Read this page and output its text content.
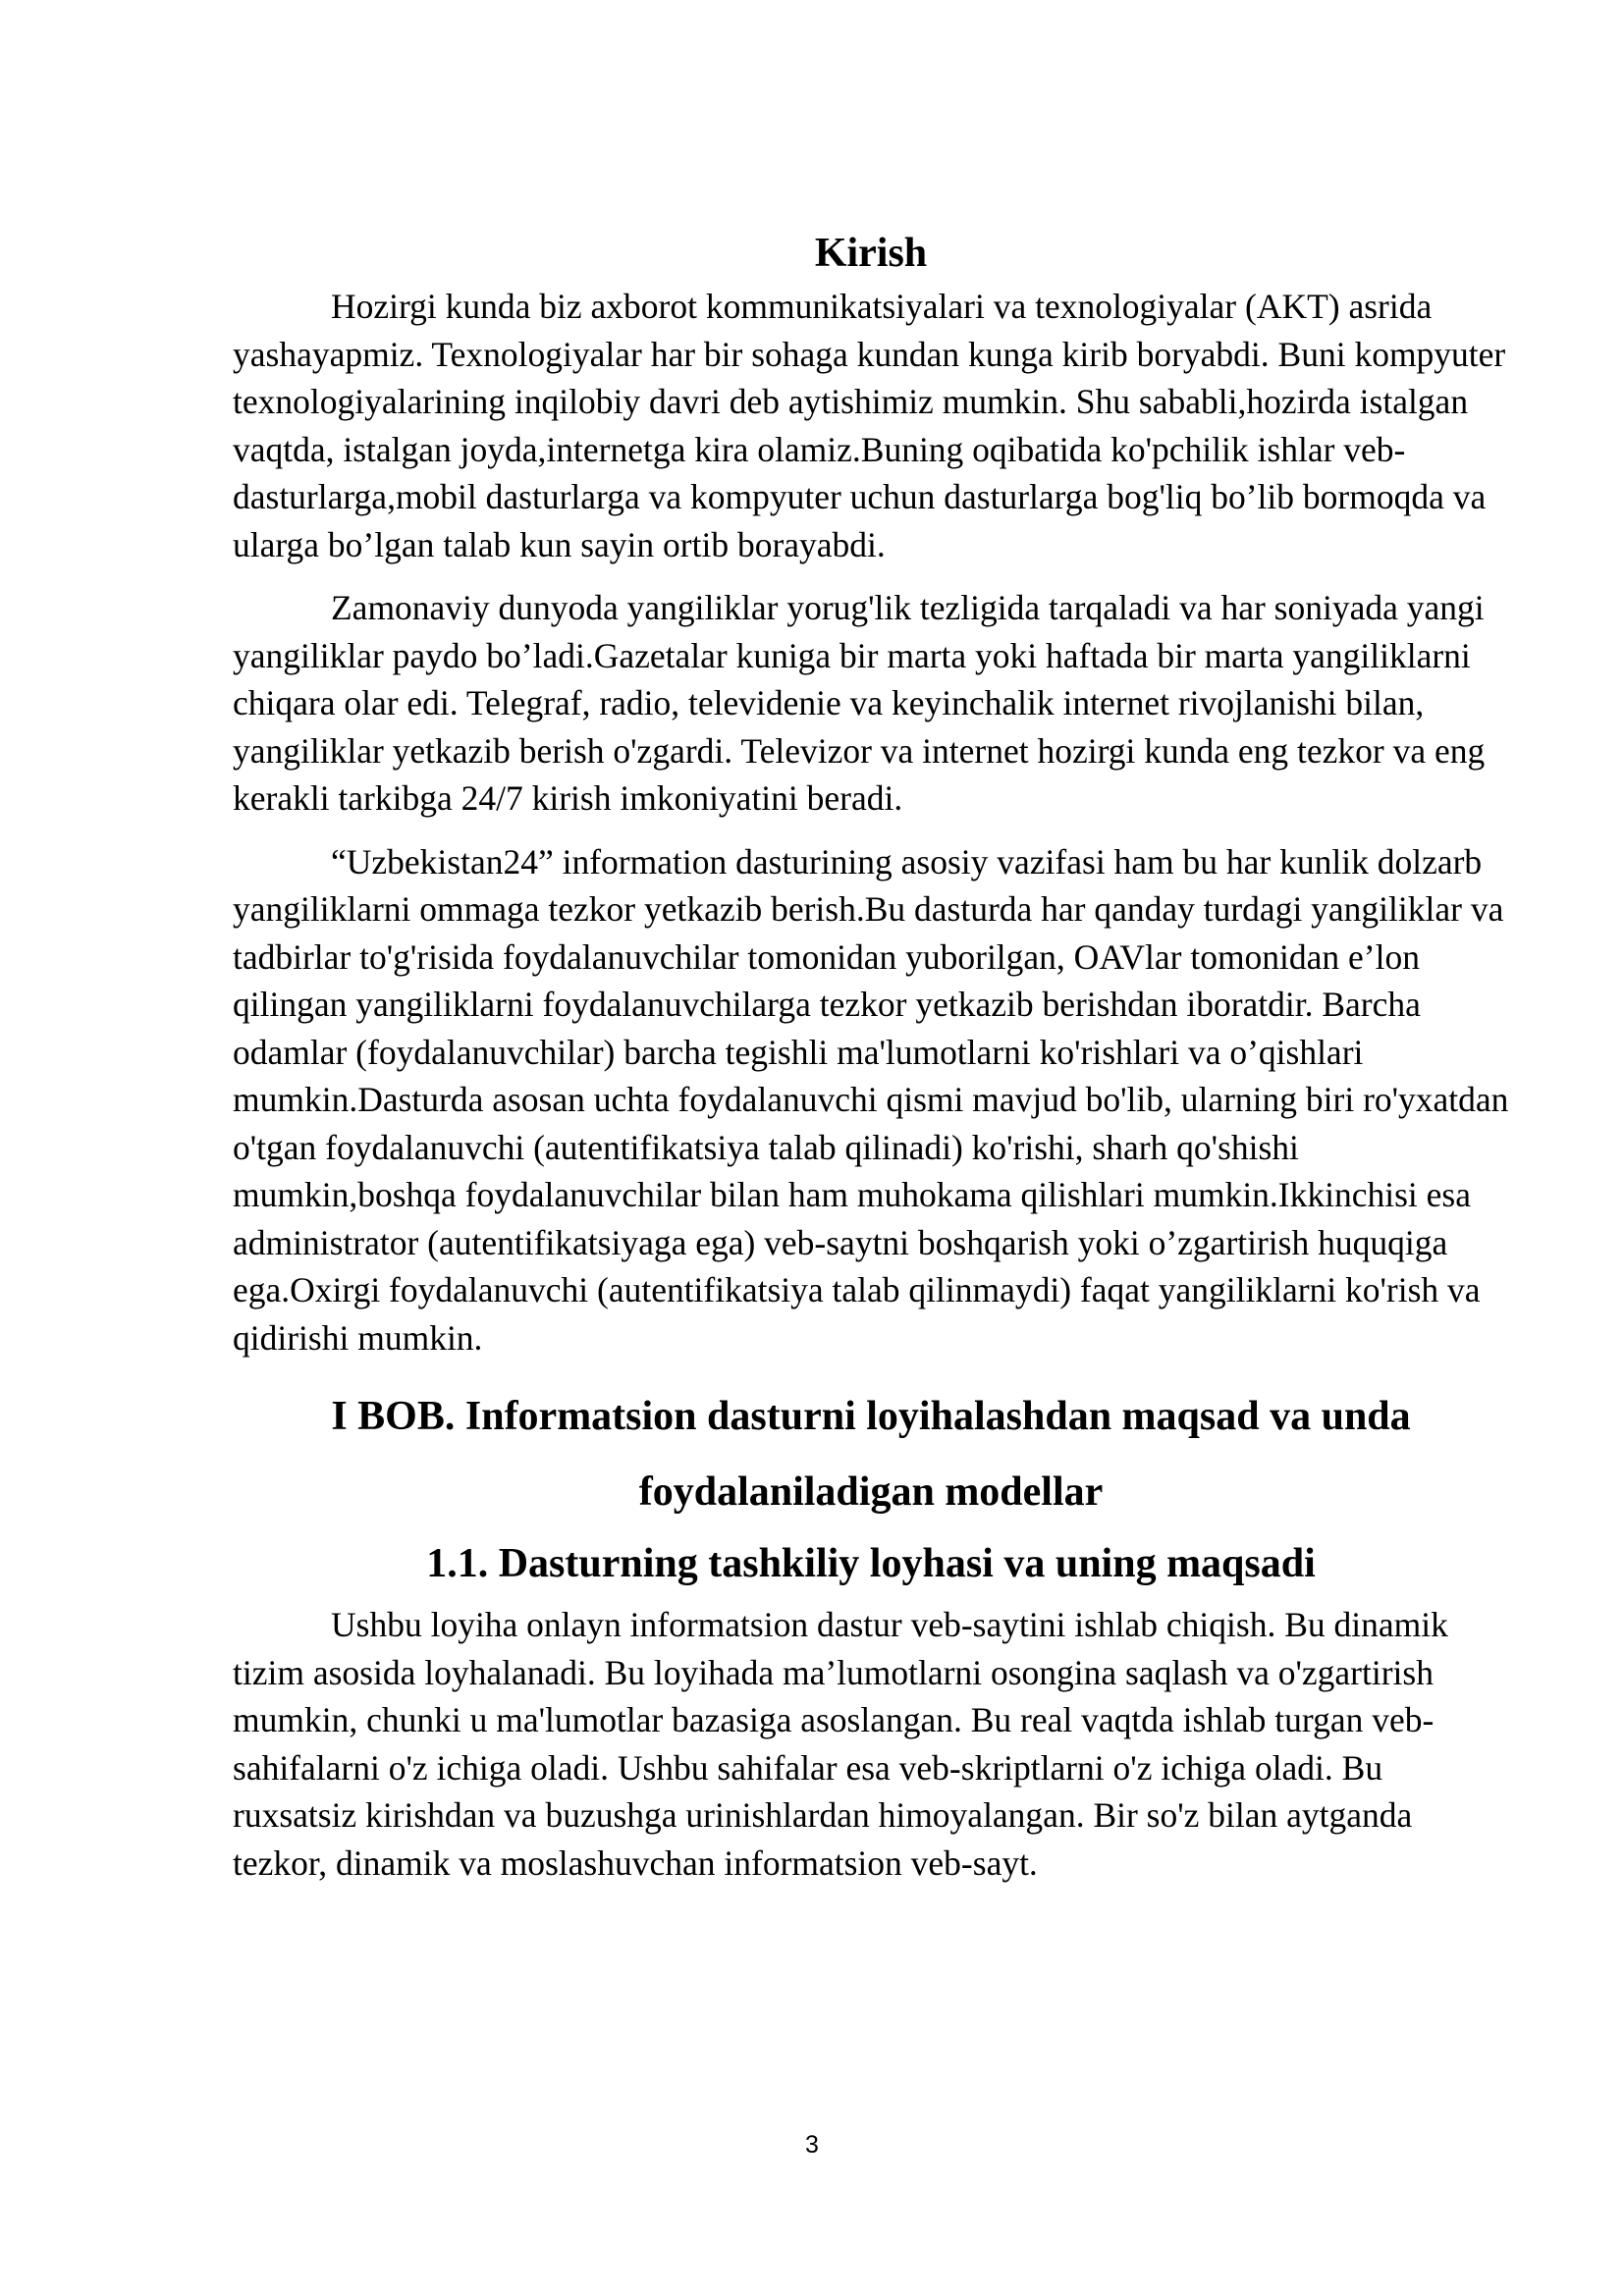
Kirish

Hozirgi kunda biz axborot kommunikatsiyalari va texnologiyalar (AKT) asrida yashayapmiz. Texnologiyalar har bir sohaga kundan kunga kirib boryabdi. Buni kompyuter texnologiyalarining inqilobiy davri deb aytishimiz mumkin. Shu sababli,hozirda istalgan vaqtda, istalgan joyda,internetga kira olamiz.Buning oqibatida ko'pchilik ishlar veb-dasturlarga,mobil dasturlarga va kompyuter uchun dasturlarga bog'liq bo’lib bormoqda va ularga bo’lgan talab kun sayin ortib borayabdi.

Zamonaviy dunyoda yangiliklar yorug'lik tezligida tarqaladi va har soniyada yangi yangiliklar paydo bo’ladi.Gazetalar kuniga bir marta yoki haftada bir marta yangiliklarni chiqara olar edi. Telegraf, radio, televidenie va keyinchalik internet rivojlanishi bilan, yangiliklar yetkazib berish o'zgardi. Televizor va internet hozirgi kunda eng tezkor va eng kerakli tarkibga 24/7 kirish imkoniyatini beradi.

“Uzbekistan24” information dasturining asosiy vazifasi ham bu har kunlik dolzarb yangiliklarni ommaga tezkor yetkazib berish.Bu dasturda har qanday turdagi yangiliklar va tadbirlar to'g'risida foydalanuvchilar tomonidan yuborilgan, OAVlar tomonidan e’lon qilingan yangiliklarni foydalanuvchilarga tezkor yetkazib berishdan iboratdir. Barcha odamlar (foydalanuvchilar) barcha tegishli ma'lumotlarni ko'rishlari va o’qishlari mumkin.Dasturda asosan uchta foydalanuvchi qismi mavjud bo'lib, ularning biri ro'yxatdan o'tgan foydalanuvchi (autentifikatsiya talab qilinadi) ko'rishi, sharh qo'shishi mumkin,boshqa foydalanuvchilar bilan ham muhokama qilishlari mumkin.Ikkinchisi esa administrator (autentifikatsiyaga ega) veb-saytni boshqarish yoki o’zgartirish huquqiga ega.Oxirgi foydalanuvchi (autentifikatsiya talab qilinmaydi) faqat yangiliklarni ko'rish va qidirishi mumkin.

I BOB. Informatsion dasturni loyihalashdan maqsad va unda
foydalaniladigan modellar
1.1. Dasturning tashkiliy loyhasi va uning maqsadi

Ushbu loyiha onlayn informatsion dastur veb-saytini ishlab chiqish. Bu dinamik tizim asosida loyhalanadi. Bu loyihada ma’lumotlarni osongina saqlash va o'zgartirish mumkin, chunki u ma'lumotlar bazasiga asoslangan. Bu real vaqtda ishlab turgan veb-sahifalarni o'z ichiga oladi. Ushbu sahifalar esa veb-skriptlarni o'z ichiga oladi. Bu ruxsatsiz kirishdan va buzushga urinishlardan himoyalangan. Bir so'z bilan aytganda tezkor, dinamik va moslashuvchan informatsion veb-sayt.

3
